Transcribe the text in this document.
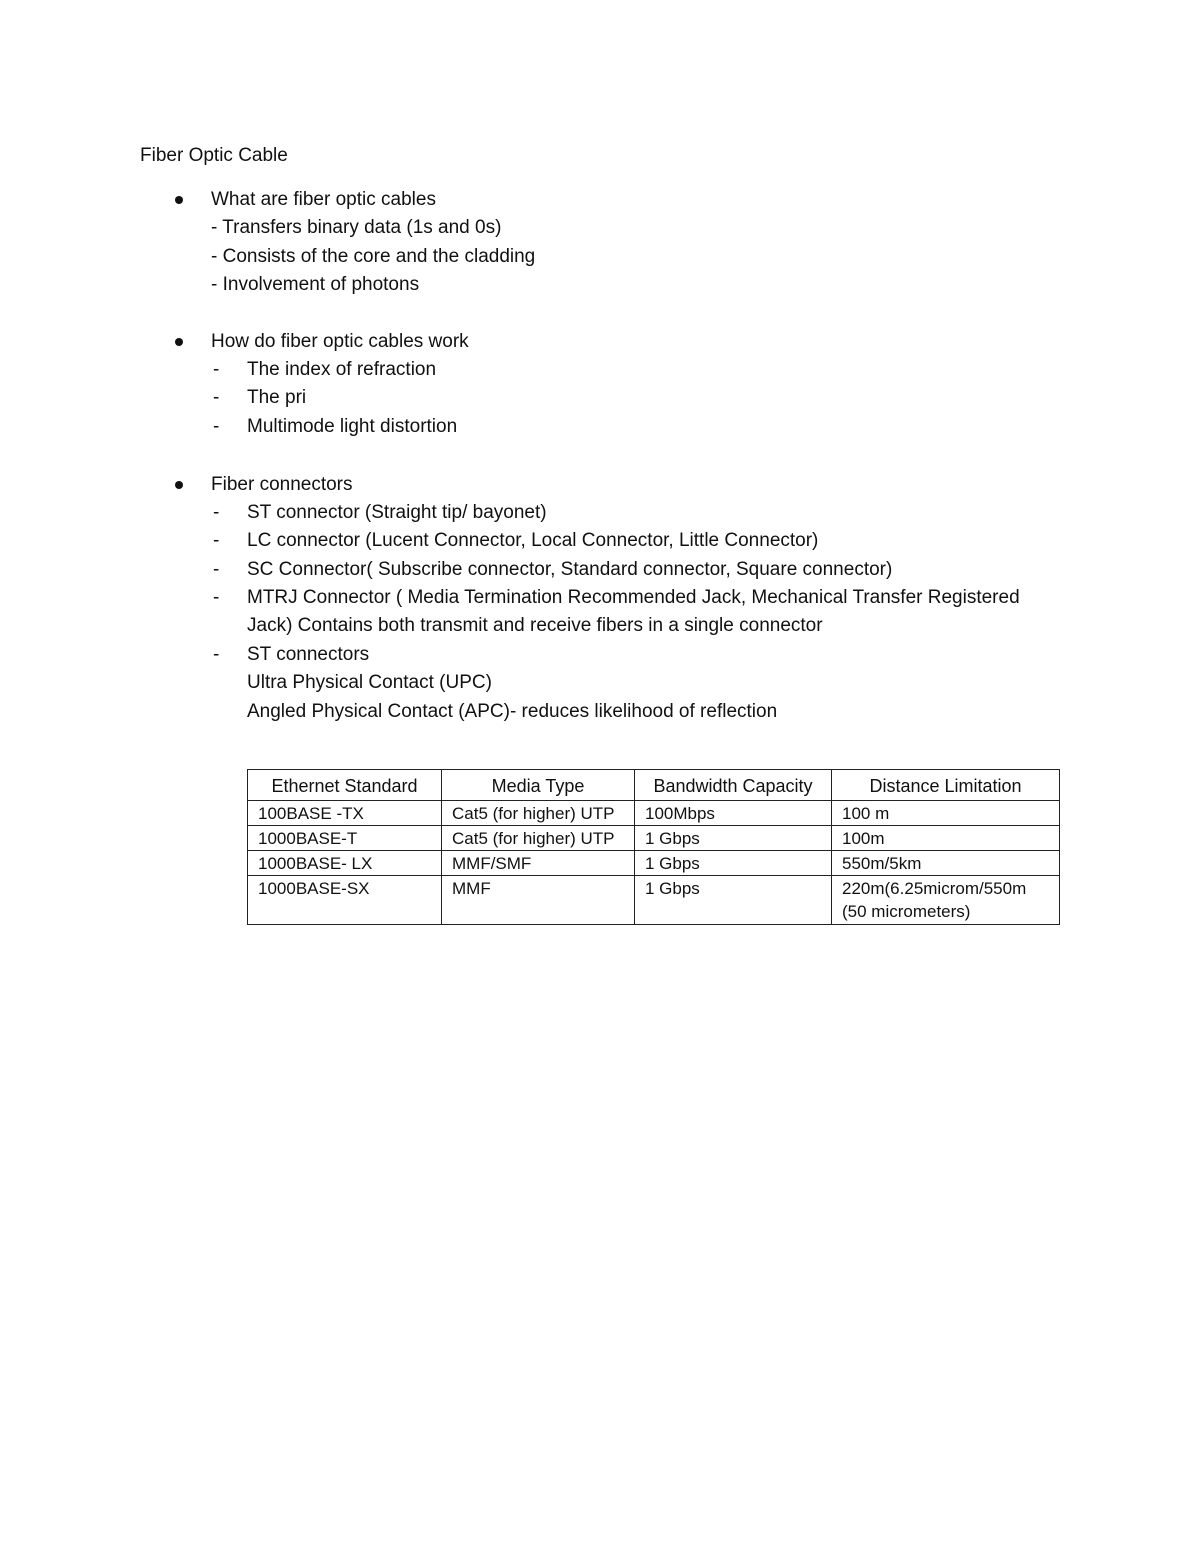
Fiber Optic Cable
What are fiber optic cables
- Transfers binary data (1s and 0s)
- Consists of the core and the cladding
- Involvement of photons
How do fiber optic cables work
- The index of refraction
- The pri
- Multimode light distortion
Fiber connectors
- ST connector (Straight tip/ bayonet)
- LC connector (Lucent Connector, Local Connector, Little Connector)
- SC Connector( Subscribe connector, Standard connector, Square connector)
- MTRJ Connector ( Media Termination Recommended Jack, Mechanical Transfer Registered
Jack) Contains both transmit and receive fibers in a single connector
- ST connectors
Ultra Physical Contact (UPC)
Angled Physical Contact (APC)- reduces likelihood of reflection
Ethernet Standard	Media Type	Bandwidth Capacity	Distance Limitation
100BASE -TX	Cat5 (for higher) UTP	100Mbps	100 m
1000BASE-T	Cat5 (for higher) UTP	1 Gbps	100m
1000BASE- LX	MMF/SMF	1 Gbps	550m/5km
1000BASE-SX	MMF	1 Gbps	220m(6.25microm/550m
(50 micrometers)
